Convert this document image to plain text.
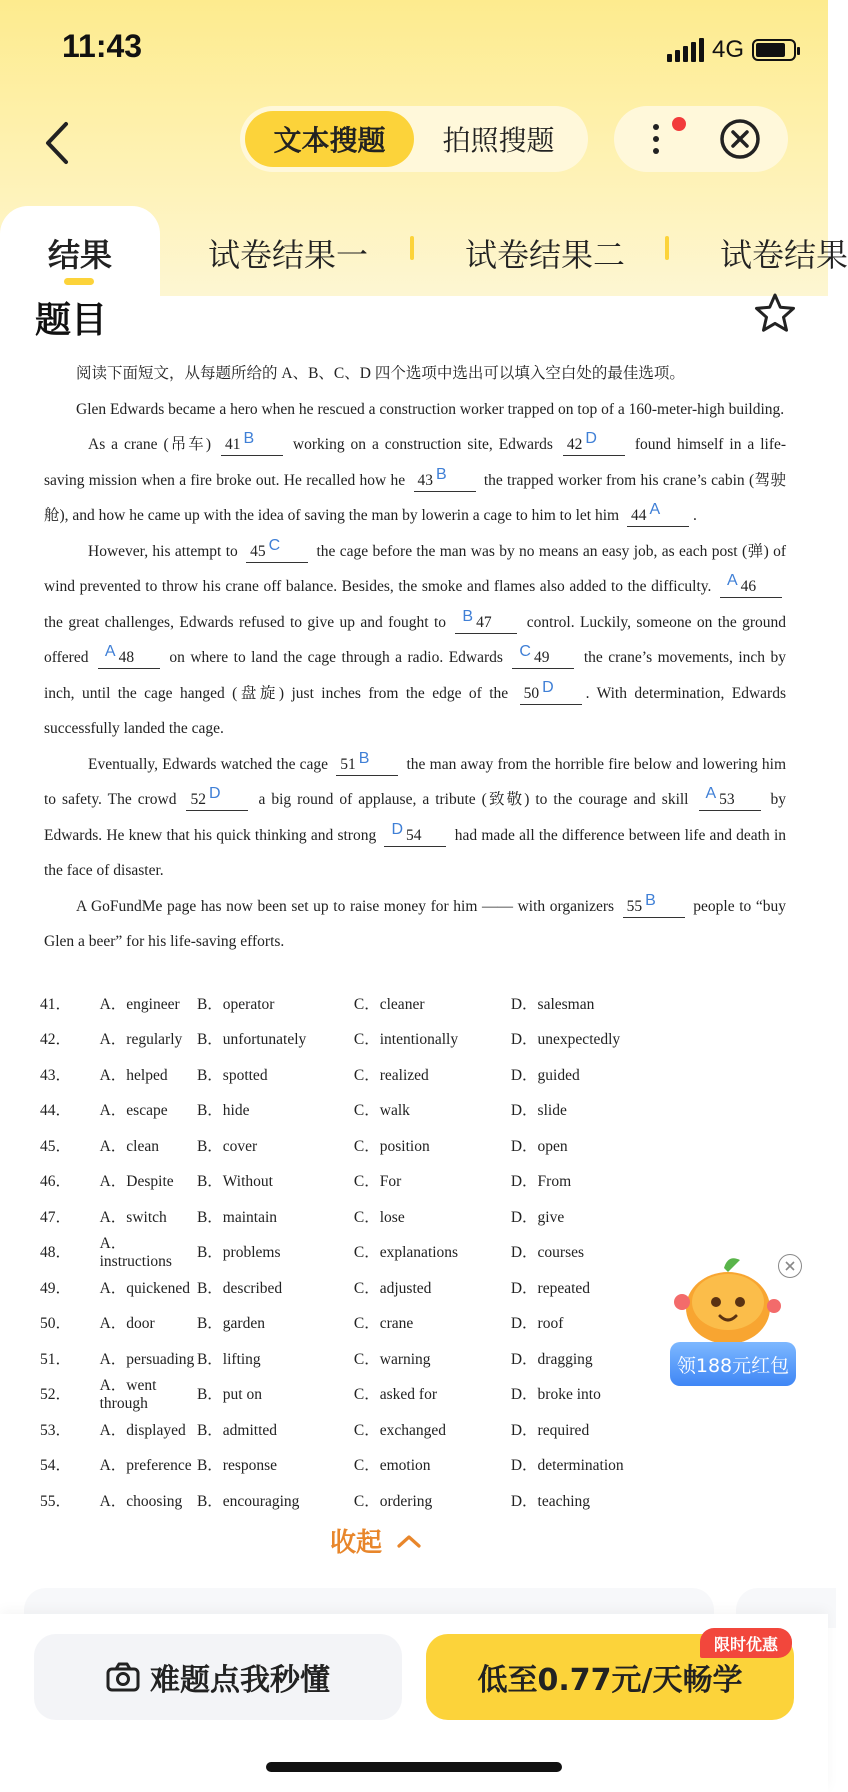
11:43	4G
文本搜题	拍照搜题
结果	试卷结果一	试卷结果二	试卷结果
题目

阅读下面短文，从每题所给的 A、B、C、D 四个选项中选出可以填入空白处的最佳选项。

Glen Edwards became a hero when he rescued a construction worker trapped on top of a 160-meter-high building.

As a crane (吊车) 41 B	working on a construction site, Edwards 42 D found himself in a life-saving mission when a fire broke out. He recalled how he 43 B the trapped worker from his crane’s cabin (驾驶舱), and how he came up with the idea of saving the man by lowerin a cage to him to let him 44 A .

However, his attempt to 45 C the cage before the man was by no means an easy job, as each post (弹) of wind prevented to throw his crane off balance. Besides, the smoke and flames also added to the difficulty. A 46 the great challenges, Edwards refused to give up and fought to B 47 control. Luckily, someone on the ground offered A 48 on where to land the cage through a radio. Edwards C 49 the crane’s movements, inch by inch, until the cage hanged (盘旋) just inches from the edge of the 50 D . With determination, Edwards successfully landed the cage.

Eventually, Edwards watched the cage 51 B the man away from the horrible fire below and lowering him to safety. The crowd 52 D a big round of applause, a tribute (致敬) to the courage and skill A 53 by Edwards. He knew that his quick thinking and strong D 54 had made all the difference between life and death in the face of disaster.

A GoFundMe page has now been set up to raise money for him —— with organizers 55 B people to “buy Glen a beer” for his life-saving efforts.

41．	A．engineer	B．operator	C．cleaner	D．salesman
42．	A．regularly B．unfortunately	C．intentionally	D．unexpectedly
43．	A．helped	B．spotted	C．realized	D．guided
44．	A．escape	B．hide	C．walk	D．slide
45．	A．clean	B．cover	C．position	D．open
46．	A．Despite	B．Without	C．For	D．From
47．	A．switch	B．maintain	C．lose	D．give
48．
A．instructions
B．problems	C．explanations	D．courses
49．	A．quickened B．described	C．adjusted	D．repeated
50．	A．door	B．garden	C．crane	D．roof
51．	A．persuading B．lifting	C．warning	D．dragging
52．
A．went through
B．put on	C．asked for	D．broke into
53．	A．displayed B．admitted	C．exchanged	D．required
54．	A．preference B．response	C．emotion	D．determination
55．	A．choosing B．encouraging	C．ordering	D．teaching
领188元红包
收起
难题点我秒懂	低至0.77元/天畅学
限时优惠
